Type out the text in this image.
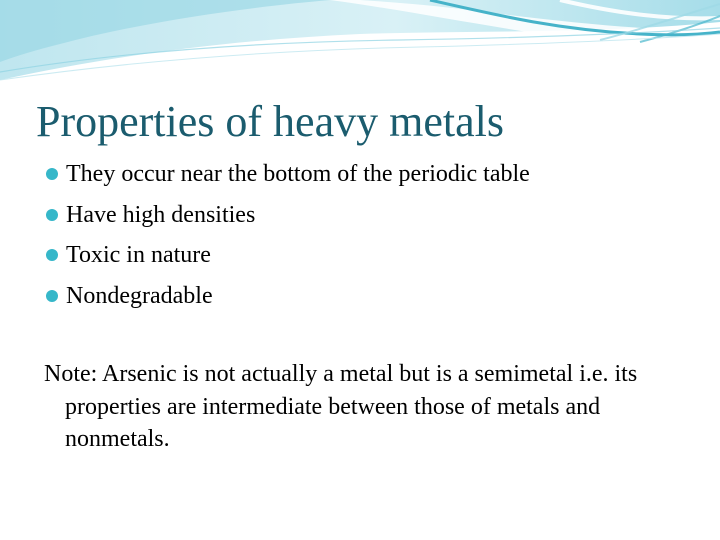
Properties of heavy metals
They occur near the bottom of the periodic table
Have high densities
Toxic in nature
Nondegradable

Note: Arsenic is not actually a metal but is a semimetal i.e. its properties are intermediate between those of metals and nonmetals.
